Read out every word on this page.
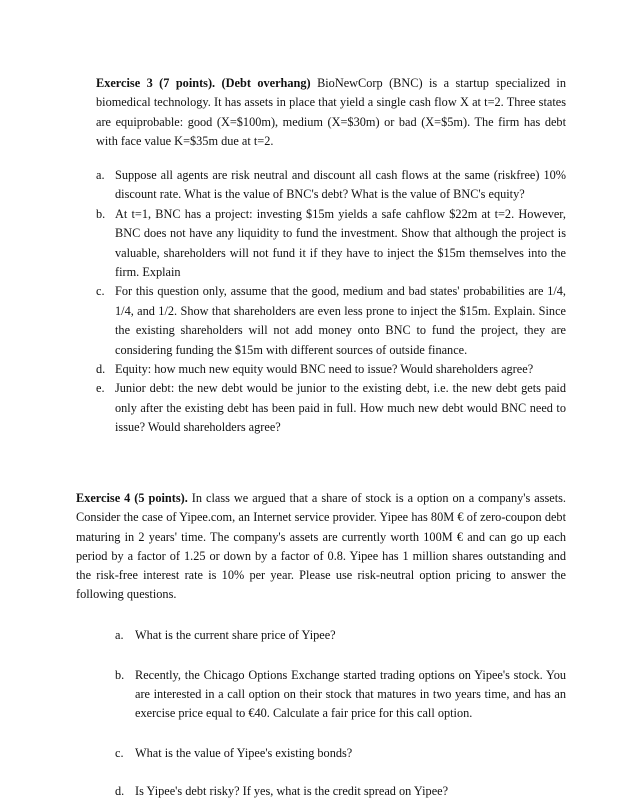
Exercise 3 (7 points). (Debt overhang) BioNewCorp (BNC) is a startup specialized in biomedical technology. It has assets in place that yield a single cash flow X at t=2. Three states are equiprobable: good (X=$100m), medium (X=$30m) or bad (X=$5m). The firm has debt with face value K=$35m due at t=2.
a. Suppose all agents are risk neutral and discount all cash flows at the same (riskfree) 10% discount rate. What is the value of BNC's debt? What is the value of BNC's equity?
b. At t=1, BNC has a project: investing $15m yields a safe cahflow $22m at t=2. However, BNC does not have any liquidity to fund the investment. Show that although the project is valuable, shareholders will not fund it if they have to inject the $15m themselves into the firm. Explain
c. For this question only, assume that the good, medium and bad states' probabilities are 1/4, 1/4, and 1/2. Show that shareholders are even less prone to inject the $15m. Explain. Since the existing shareholders will not add money onto BNC to fund the project, they are considering funding the $15m with different sources of outside finance.
d. Equity: how much new equity would BNC need to issue? Would shareholders agree?
e. Junior debt: the new debt would be junior to the existing debt, i.e. the new debt gets paid only after the existing debt has been paid in full. How much new debt would BNC need to issue? Would shareholders agree?
Exercise 4 (5 points). In class we argued that a share of stock is a option on a company's assets. Consider the case of Yipee.com, an Internet service provider. Yipee has 80M € of zero-coupon debt maturing in 2 years' time. The company's assets are currently worth 100M € and can go up each period by a factor of 1.25 or down by a factor of 0.8. Yipee has 1 million shares outstanding and the risk-free interest rate is 10% per year. Please use risk-neutral option pricing to answer the following questions.
a. What is the current share price of Yipee?
b. Recently, the Chicago Options Exchange started trading options on Yipee's stock. You are interested in a call option on their stock that matures in two years time, and has an exercise price equal to €40. Calculate a fair price for this call option.
c. What is the value of Yipee's existing bonds?
d. Is Yipee's debt risky? If yes, what is the credit spread on Yipee?
